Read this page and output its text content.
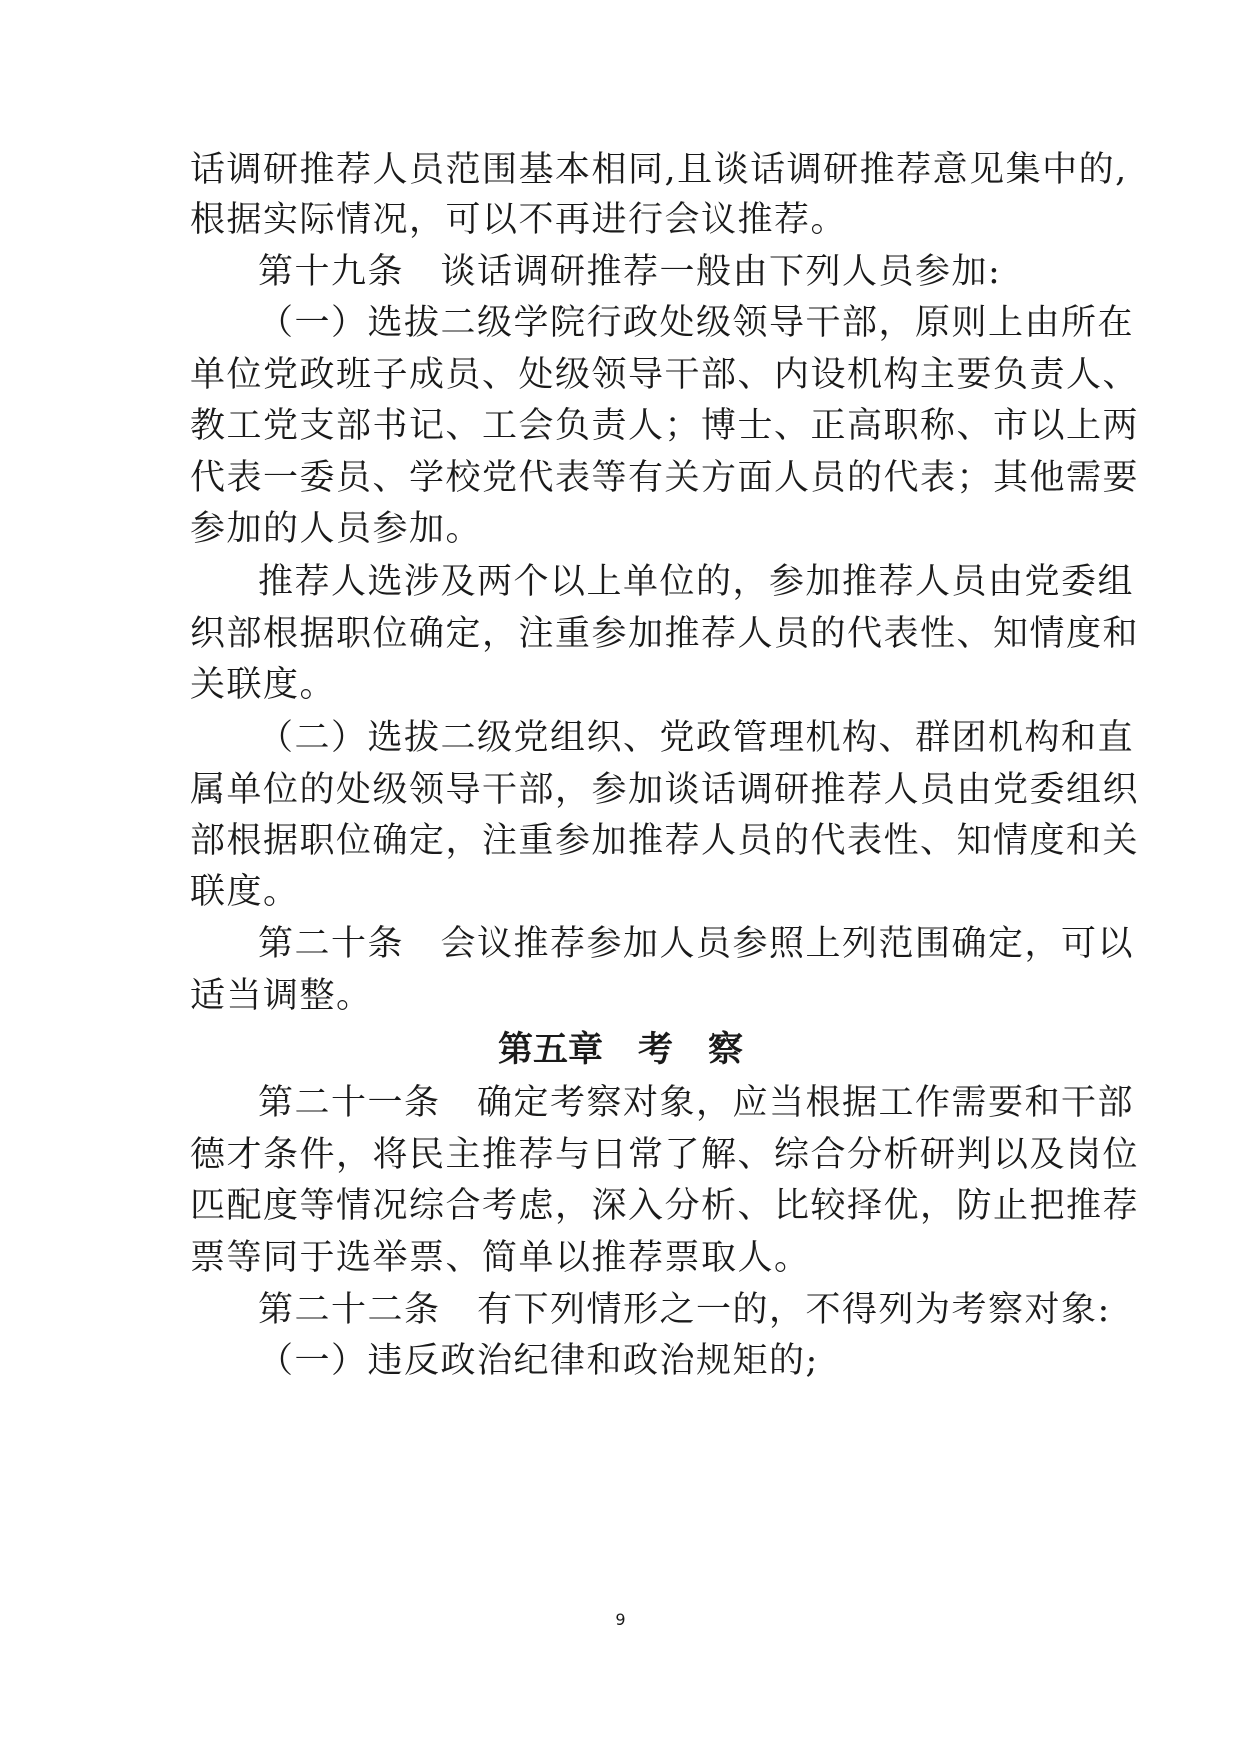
话调研推荐人员范围基本相同,且谈话调研推荐意见集中的,
根据实际情况，可以不再进行会议推荐。
第十九条　谈话调研推荐一般由下列人员参加:
（一）选拔二级学院行政处级领导干部，原则上由所在
单位党政班子成员、处级领导干部、内设机构主要负责人、
教工党支部书记、工会负责人；博士、正高职称、市以上两
代表一委员、学校党代表等有关方面人员的代表；其他需要
参加的人员参加。
推荐人选涉及两个以上单位的，参加推荐人员由党委组
织部根据职位确定，注重参加推荐人员的代表性、知情度和
关联度。
（二）选拔二级党组织、党政管理机构、群团机构和直
属单位的处级领导干部，参加谈话调研推荐人员由党委组织
部根据职位确定，注重参加推荐人员的代表性、知情度和关
联度。
第二十条　会议推荐参加人员参照上列范围确定，可以
适当调整。
第五章　考　察
第二十一条　确定考察对象，应当根据工作需要和干部
德才条件，将民主推荐与日常了解、综合分析研判以及岗位
匹配度等情况综合考虑，深入分析、比较择优，防止把推荐
票等同于选举票、简单以推荐票取人。
第二十二条　有下列情形之一的，不得列为考察对象:
（一）违反政治纪律和政治规矩的;
9
